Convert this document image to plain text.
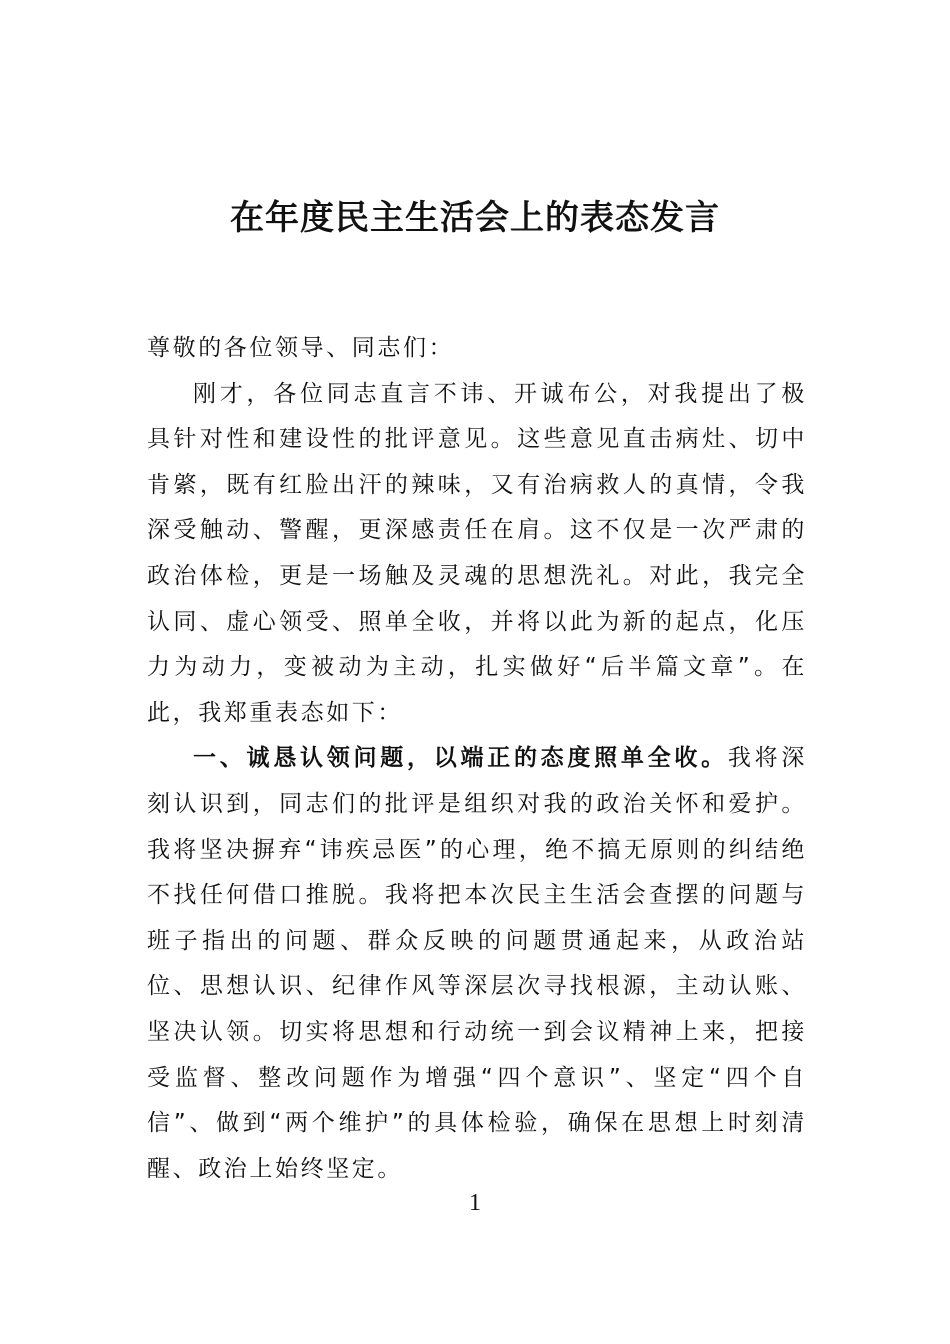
在年度民主生活会上的表态发言

尊敬的各位领导、同志们：

刚才，各位同志直言不讳、开诚布公，对我提出了极具针对性和建设性的批评意见。这些意见直击病灶、切中肯綮，既有红脸出汗的辣味，又有治病救人的真情，令我深受触动、警醒，更深感责任在肩。这不仅是一次严肃的政治体检，更是一场触及灵魂的思想洗礼。对此，我完全认同、虚心领受、照单全收，并将以此为新的起点，化压力为动力，变被动为主动，扎实做好“后半篇文章”。在此，我郑重表态如下：

一、诚恳认领问题，以端正的态度照单全收。我将深刻认识到，同志们的批评是组织对我的政治关怀和爱护。我将坚决摒弃“讳疾忌医”的心理，绝不搞无原则的纠结绝不找任何借口推脱。我将把本次民主生活会查摆的问题与班子指出的问题、群众反映的问题贯通起来，从政治站位、思想认识、纪律作风等深层次寻找根源，主动认账、坚决认领。切实将思想和行动统一到会议精神上来，把接受监督、整改问题作为增强“四个意识”、坚定“四个自信”、做到“两个维护”的具体检验，确保在思想上时刻清醒、政治上始终坚定。

1
